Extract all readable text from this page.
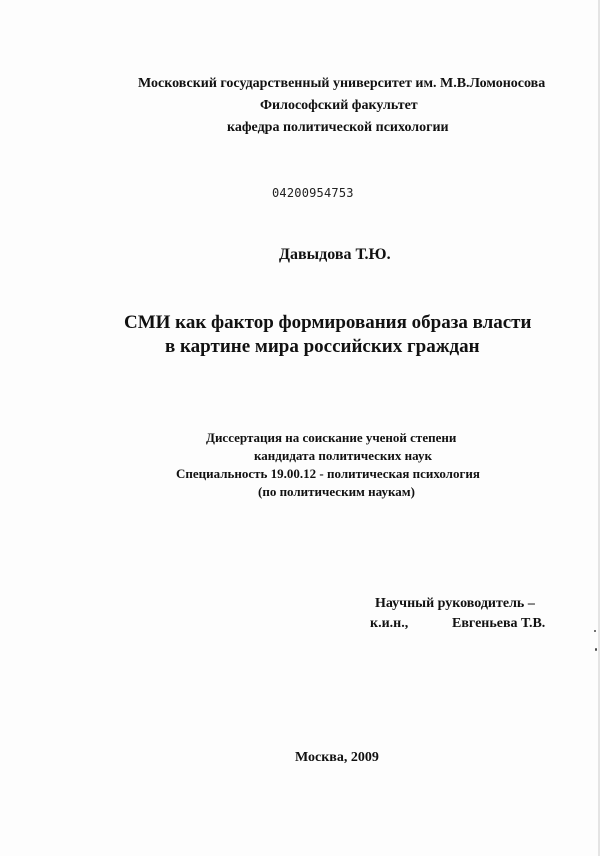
Московский государственный университет им. М.В.Ломоносова
Философский факультет
кафедра политической психологии
04200954753
Давыдова Т.Ю.
СМИ как фактор формирования образа власти
в картине мира российских граждан
Диссертация на соискание ученой степени
кандидата политических наук
Специальность 19.00.12 - политическая психология
(по политическим наукам)
Научный руководитель –
к.и.н.,	Евгеньева Т.В.
Москва, 2009
